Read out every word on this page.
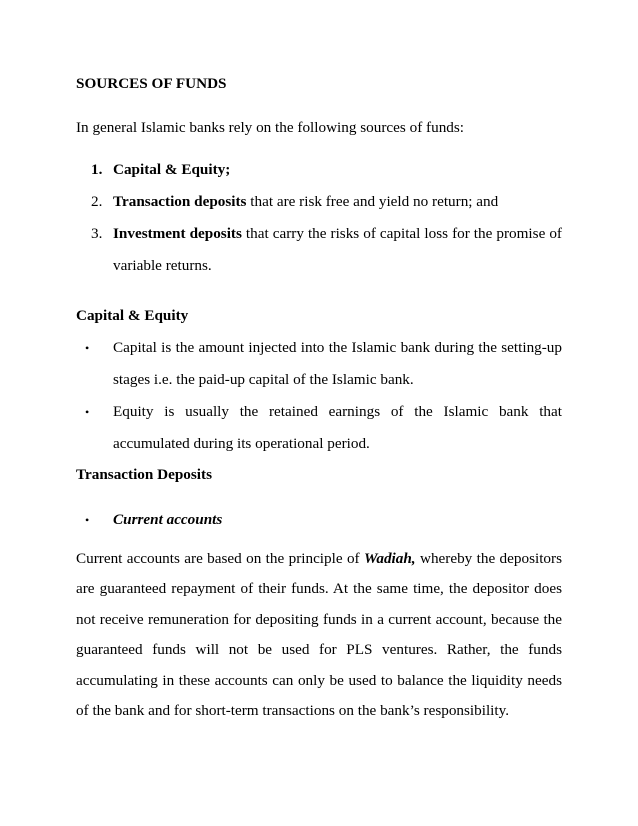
SOURCES OF FUNDS
In general Islamic banks rely on the following sources of funds:
1. Capital & Equity;
2. Transaction deposits that are risk free and yield no return; and
3. Investment deposits that carry the risks of capital loss for the promise of variable returns.
Capital & Equity
• Capital is the amount injected into the Islamic bank during the setting-up stages i.e. the paid-up capital of the Islamic bank.
• Equity is usually the retained earnings of the Islamic bank that accumulated during its operational period.
Transaction Deposits
• Current accounts

Current accounts are based on the principle of Wadiah, whereby the depositors are guaranteed repayment of their funds. At the same time, the depositor does not receive remuneration for depositing funds in a current account, because the guaranteed funds will not be used for PLS ventures. Rather, the funds accumulating in these accounts can only be used to balance the liquidity needs of the bank and for short-term transactions on the bank’s responsibility.
